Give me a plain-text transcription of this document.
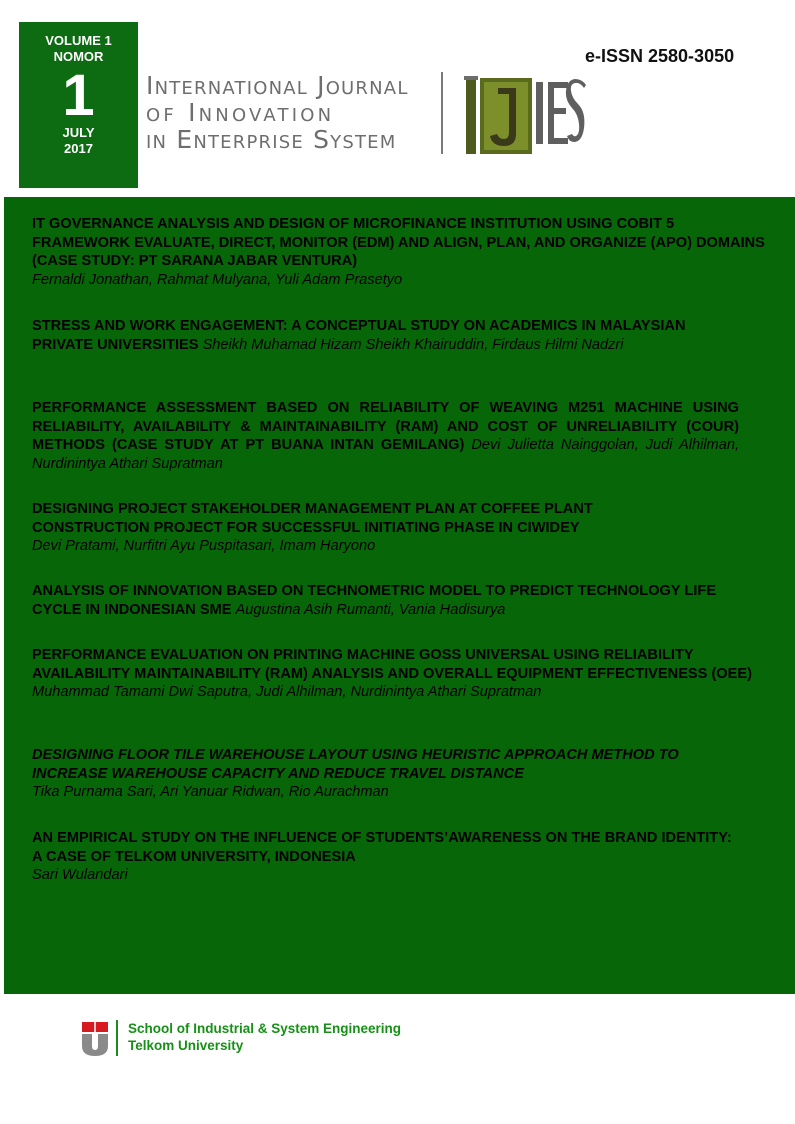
VOLUME 1
NOMOR
1
JULY
2017
e-ISSN 2580-3050
International Journal
of Innovation
in Enterprise System
IT GOVERNANCE ANALYSIS AND DESIGN OF MICROFINANCE INSTITUTION USING COBIT 5 FRAMEWORK EVALUATE, DIRECT, MONITOR (EDM) AND ALIGN, PLAN, AND ORGANIZE (APO) DOMAINS (CASE STUDY: PT SARANA JABAR VENTURA)
Fernaldi Jonathan, Rahmat Mulyana, Yuli Adam Prasetyo
STRESS AND WORK ENGAGEMENT: A CONCEPTUAL STUDY ON ACADEMICS IN MALAYSIAN PRIVATE UNIVERSITIES Sheikh Muhamad Hizam Sheikh Khairuddin, Firdaus Hilmi Nadzri
PERFORMANCE ASSESSMENT BASED ON RELIABILITY OF WEAVING M251 MACHINE USING RELIABILITY, AVAILABILITY & MAINTAINABILITY (RAM) AND COST OF UNRELIABILITY (COUR) METHODS (CASE STUDY AT PT BUANA INTAN GEMILANG) Devi Julietta Nainggolan, Judi Alhilman, Nurdinintya Athari Supratman
DESIGNING PROJECT STAKEHOLDER MANAGEMENT PLAN AT COFFEE PLANT CONSTRUCTION PROJECT FOR SUCCESSFUL INITIATING PHASE IN CIWIDEY
Devi Pratami, Nurfitri Ayu Puspitasari, Imam Haryono
ANALYSIS OF INNOVATION BASED ON TECHNOMETRIC MODEL TO PREDICT TECHNOLOGY LIFE CYCLE IN INDONESIAN SME Augustina Asih Rumanti, Vania Hadisurya
PERFORMANCE EVALUATION ON PRINTING MACHINE GOSS UNIVERSAL USING RELIABILITY AVAILABILITY MAINTAINABILITY (RAM) ANALYSIS AND OVERALL EQUIPMENT EFFECTIVENESS (OEE)
Muhammad Tamami Dwi Saputra, Judi Alhilman, Nurdinintya Athari Supratman
DESIGNING FLOOR TILE WAREHOUSE LAYOUT USING HEURISTIC APPROACH METHOD TO INCREASE WAREHOUSE CAPACITY AND REDUCE TRAVEL DISTANCE
Tika Purnama Sari, Ari Yanuar Ridwan, Rio Aurachman
AN EMPIRICAL STUDY ON THE INFLUENCE OF STUDENTS’AWARENESS ON THE BRAND IDENTITY: A CASE OF TELKOM UNIVERSITY, INDONESIA
Sari Wulandari
School of Industrial & System Engineering
Telkom University
